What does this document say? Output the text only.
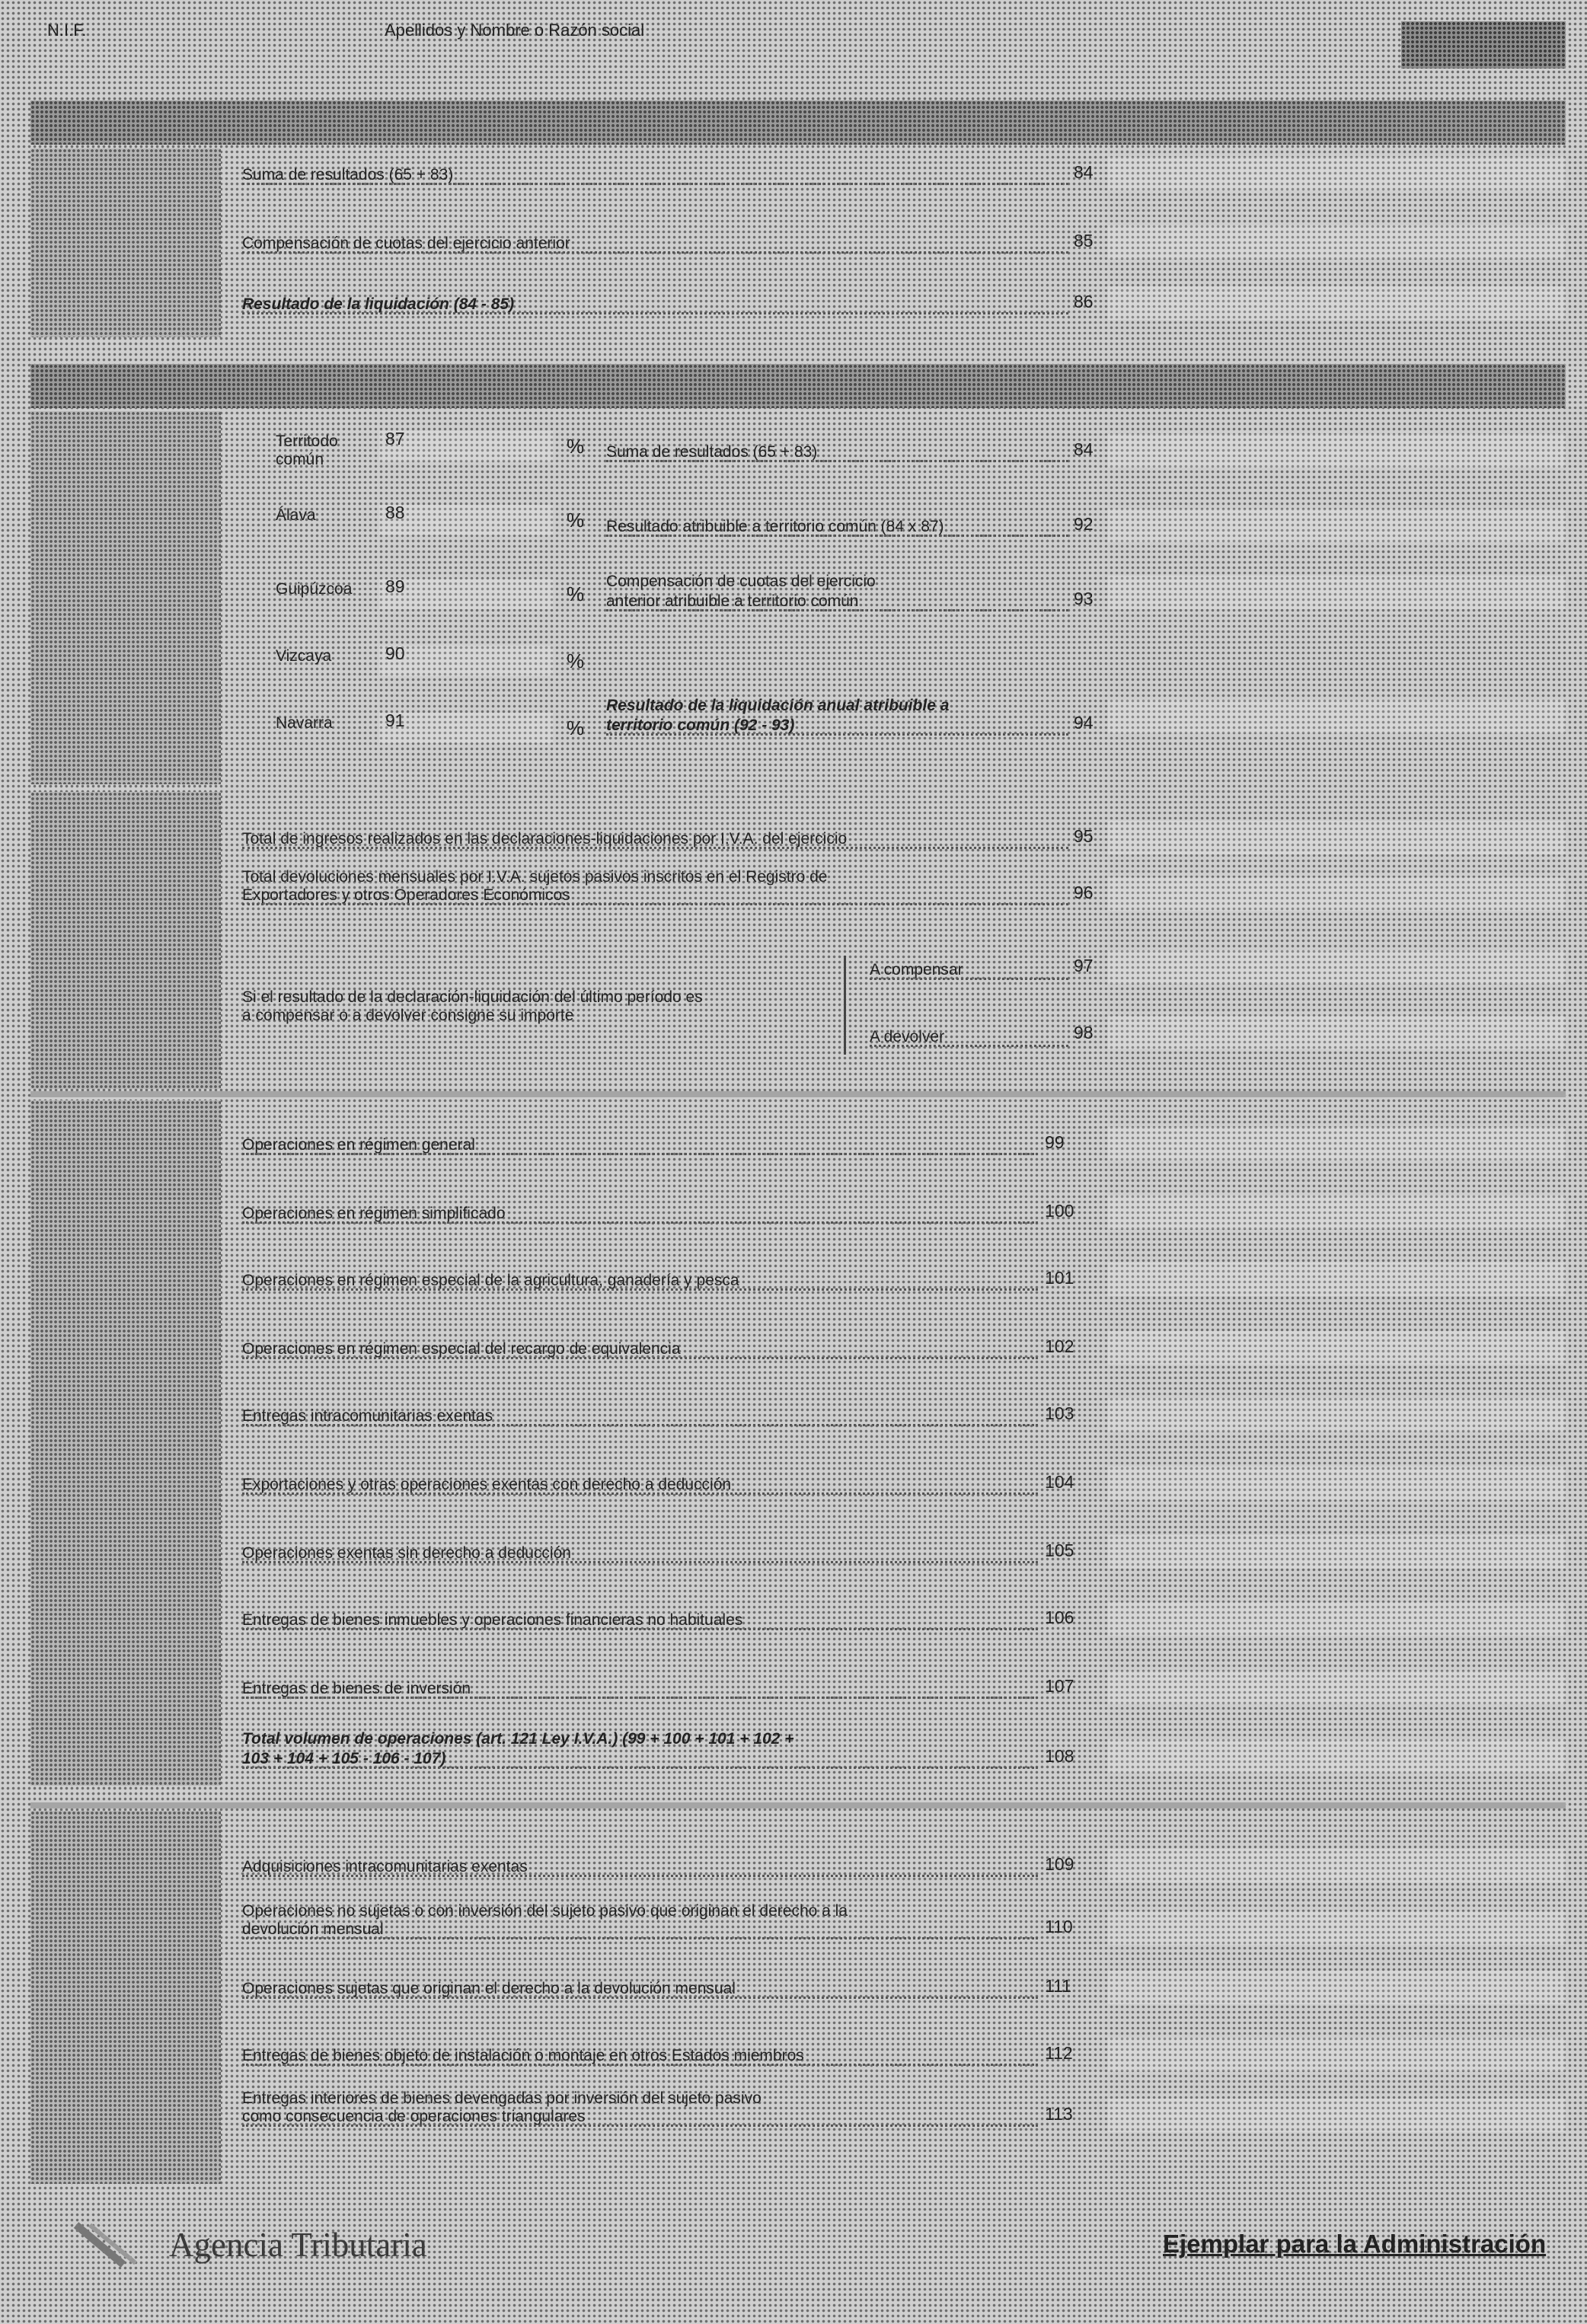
N.I.F.	Apellidos y Nombre o Razón social
Suma de resultados (65 + 83)	84
Compensación de cuotas del ejercicio anterior	85
Resultado de la liquidación (84 - 85)	86
Territodo
común
87	%
Álava	88	%
Guipúzcoa 89	%
Vizcaya	90	%
Navarra	91	%
Suma de resultados (65 + 83)	84
Resultado atribuible a territorio común (84 x 87)	92
Compensación de cuotas del ejercicio
anterior atribuible a territorio común	93
Resultado de la liquidación anual atribuible a
territorio común (92 - 93)	94
Total de ingresos realizados en las declaraciones-liquidaciones por I.V.A. del ejercicio	95
Total devoluciones mensuales por I.V.A. sujetos pasivos inscritos en el Registro de
Exportadores y otros Operadores Económicos	96
Si el resultado de la declaración-liquidación del último período es
a compensar o a devolver consigne su importe
A compensar	97
A devolver	98
Operaciones en régimen general	99
Operaciones en régimen simplificado	100
Operaciones en régimen especial de la agricultura, ganadería y pesca	101
Operaciones en régimen especial del recargo de equivalencia	102
Entregas intracomunitarias exentas	103
Exportaciones y otras operaciones exentas con derecho a deducción	104
Operaciones exentas sin derecho a deducción	105
Entregas de bienes inmuebles y operaciones financieras no habituales	106
Entregas de bienes de inversión	107
Total volumen de operaciones (art. 121 Ley I.V.A.) (99 + 100 + 101 + 102 +
103 + 104 + 105 - 106 - 107)	108
Adquisiciones intracomunitarias exentas	109
Operaciones no sujetas o con inversión del sujeto pasivo que originan el derecho a la
devolución mensual	110
Operaciones sujetas que originan el derecho a la devolución mensual	111
Entregas de bienes objeto de instalación o montaje en otros Estados miembros	112
Entregas interiores de bienes devengadas por inversión del sujeto pasivo
como consecuencia de operaciones triangulares	113
Agencia Tributaria	Ejemplar para la Administración
